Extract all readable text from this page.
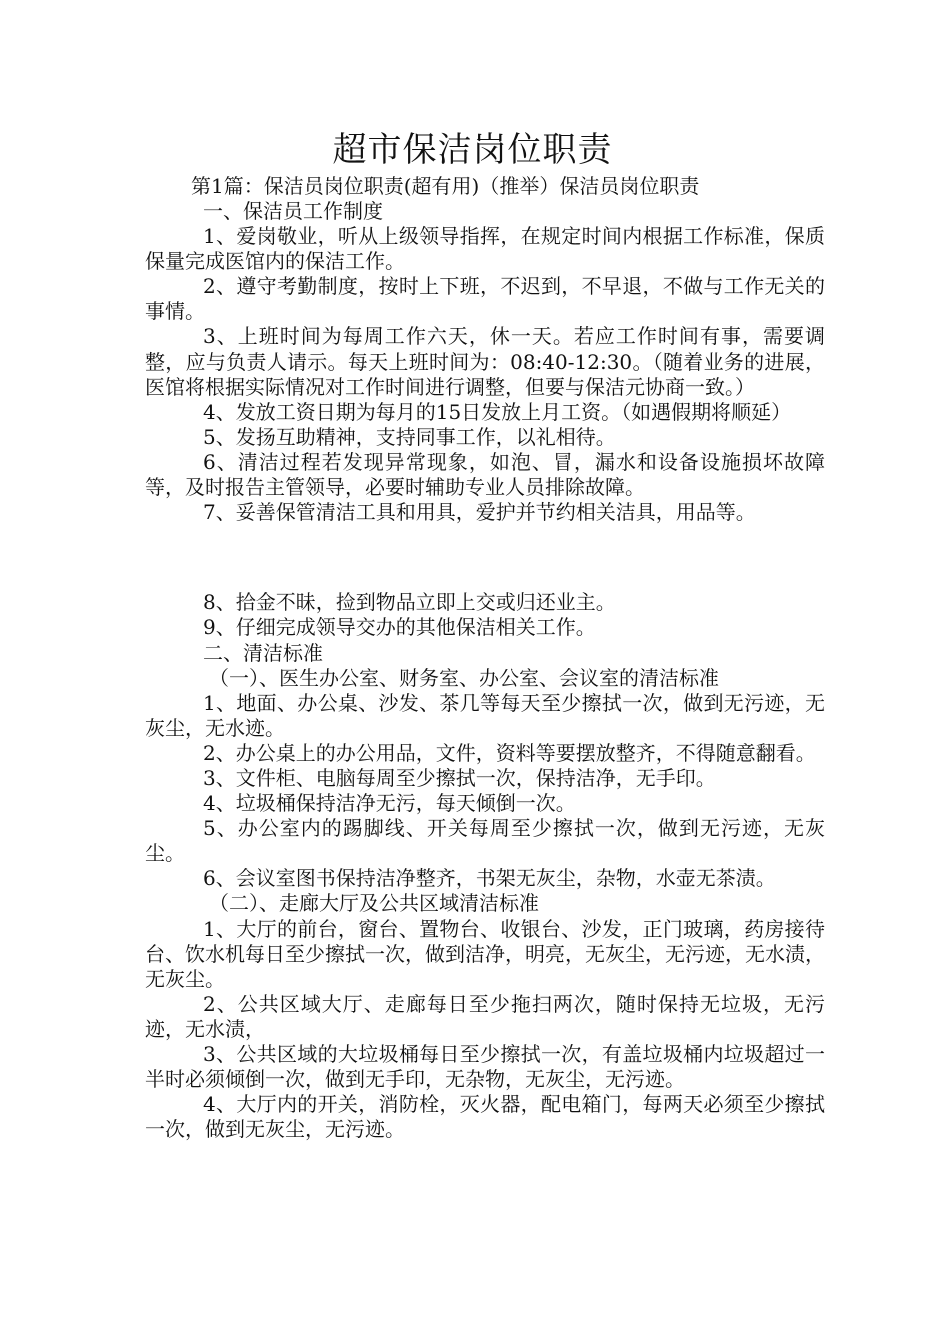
超市保洁岗位职责

第1篇：保洁员岗位职责(超有用)（推举）保洁员岗位职责

一、保洁员工作制度

1、爱岗敬业，听从上级领导指挥，在规定时间内根据工作标准，保质保量完成医馆内的保洁工作。

2、遵守考勤制度，按时上下班，不迟到，不早退，不做与工作无关的事情。

3、上班时间为每周工作六天，休一天。若应工作时间有事，需要调整，应与负责人请示。每天上班时间为：08:40-12:30。（随着业务的进展，医馆将根据实际情况对工作时间进行调整，但要与保洁元协商一致。）

4、发放工资日期为每月的15日发放上月工资。（如遇假期将顺延）

5、发扬互助精神，支持同事工作，以礼相待。

6、清洁过程若发现异常现象，如泡、冒，漏水和设备设施损坏故障等，及时报告主管领导，必要时辅助专业人员排除故障。

7、妥善保管清洁工具和用具，爱护并节约相关洁具，用品等。

8、拾金不昧，捡到物品立即上交或归还业主。

9、仔细完成领导交办的其他保洁相关工作。

二、清洁标准

（一）、医生办公室、财务室、办公室、会议室的清洁标准

1、地面、办公桌、沙发、茶几等每天至少擦拭一次，做到无污迹，无灰尘，无水迹。

2、办公桌上的办公用品，文件，资料等要摆放整齐，不得随意翻看。

3、文件柜、电脑每周至少擦拭一次，保持洁净，无手印。

4、垃圾桶保持洁净无污，每天倾倒一次。

5、办公室内的踢脚线、开关每周至少擦拭一次，做到无污迹，无灰尘。

6、会议室图书保持洁净整齐，书架无灰尘，杂物，水壶无茶渍。

（二）、走廊大厅及公共区域清洁标准

1、大厅的前台，窗台、置物台、收银台、沙发，正门玻璃，药房接待台、饮水机每日至少擦拭一次，做到洁净，明亮，无灰尘，无污迹，无水渍，无灰尘。

2、公共区域大厅、走廊每日至少拖扫两次，随时保持无垃圾，无污迹，无水渍，

3、公共区域的大垃圾桶每日至少擦拭一次，有盖垃圾桶内垃圾超过一半时必须倾倒一次，做到无手印，无杂物，无灰尘，无污迹。

4、大厅内的开关，消防栓，灭火器，配电箱门，每两天必须至少擦拭一次，做到无灰尘，无污迹。
